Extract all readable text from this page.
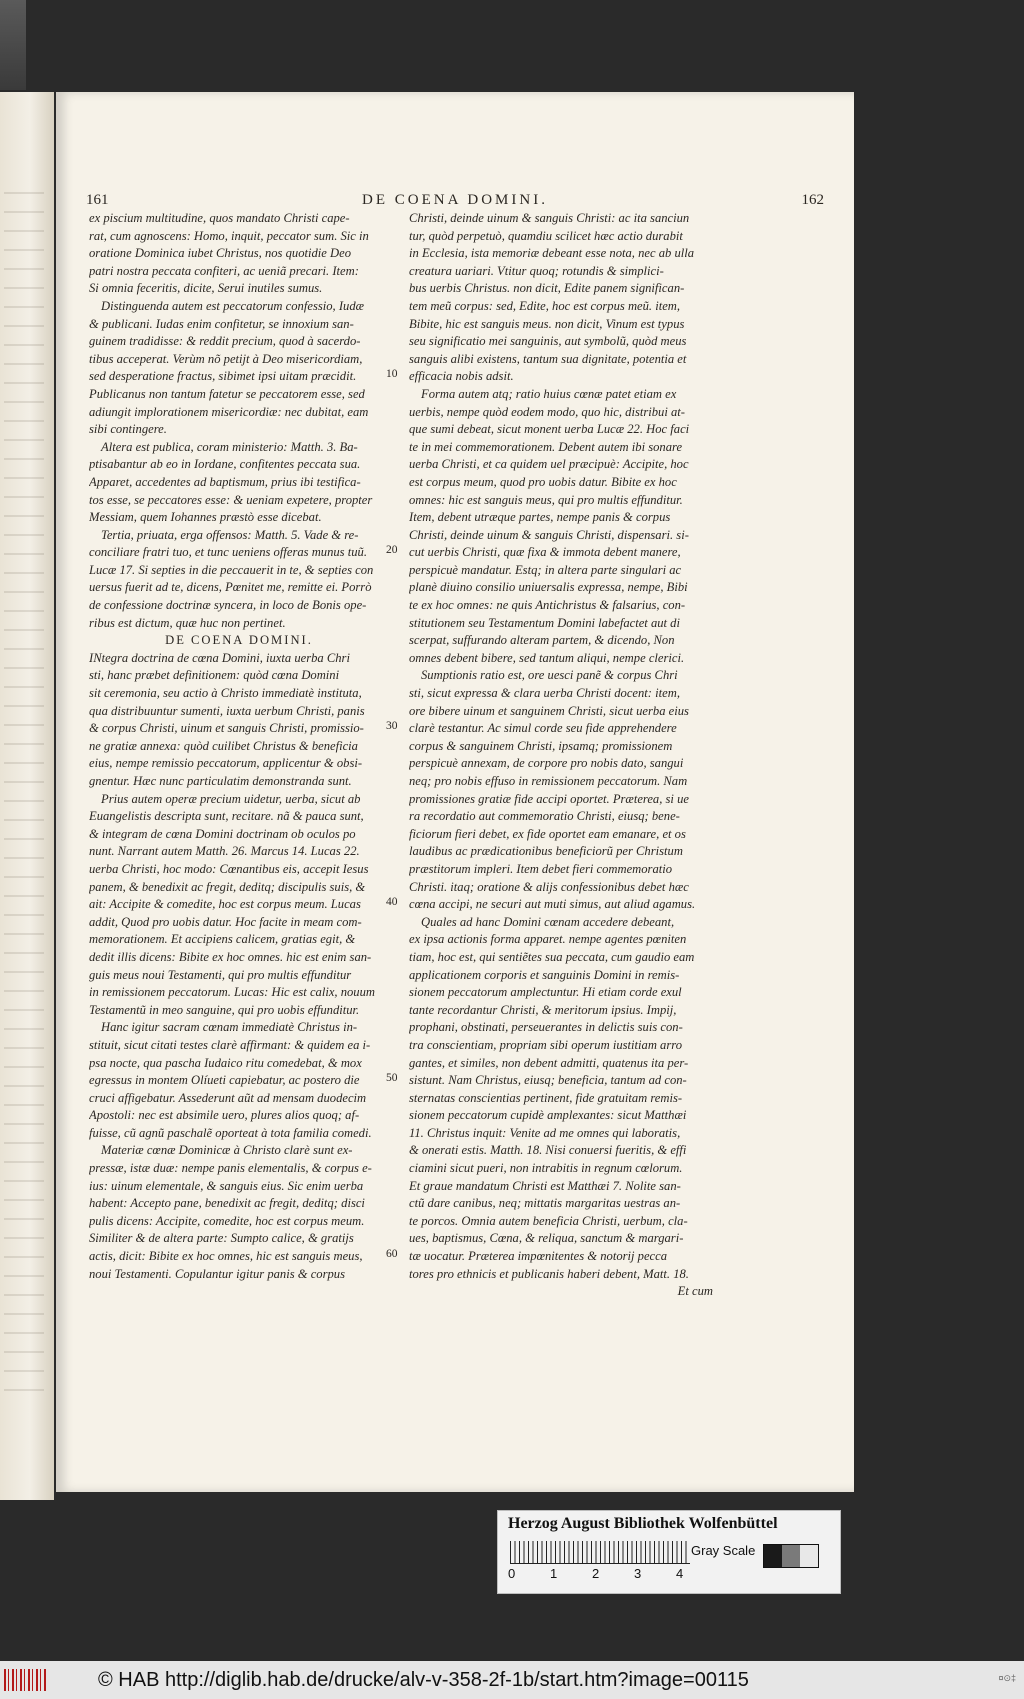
DE COENA DOMINI.
161	162
ex piscium multitudine, quos mandato Christi cape-
rat, cum agnoscens: Homo, inquit, peccator sum. Sic in
oratione Dominica iubet Christus, nos quotidie Deo
patri nostra peccata confiteri, ac ueniã precari. Item:
Si omnia feceritis, dicite, Serui inutiles sumus.
Distinguenda autem est peccatorum confessio, Iudæ
& publicani. Iudas enim confitetur, se innoxium san-
guinem tradidisse: & reddit precium, quod à sacerdo-
tibus acceperat. Verùm nõ petijt à Deo misericordiam,
sed desperatione fractus, sibimet ipsi uitam præcidit.
Publicanus non tantum fatetur se peccatorem esse, sed
adiungit implorationem misericordiæ: nec dubitat, eam
sibi contingere.
Altera est publica, coram ministerio: Matth. 3. Ba-
ptisabantur ab eo in Iordane, confitentes peccata sua.
Apparet, accedentes ad baptismum, prius ibi testifica-
tos esse, se peccatores esse: & ueniam expetere, propter
Messiam, quem Iohannes præstò esse dicebat.
Tertia, priuata, erga offensos: Matth. 5. Vade & re-
conciliare fratri tuo, et tunc ueniens offeras munus tuũ.
Lucæ 17. Si septies in die peccauerit in te, & septies con
uersus fuerit ad te, dicens, Pœnitet me, remitte ei. Porrò
de confessione doctrinæ syncera, in loco de Bonis ope-
ribus est dictum, quæ huc non pertinet.
DE COENA DOMINI.
INtegra doctrina de cœna Domini, iuxta uerba Chri
sti, hanc præbet definitionem: quòd cœna Domini
sit ceremonia, seu actio à Christo immediatè instituta,
qua distribuuntur sumenti, iuxta uerbum Christi, panis
& corpus Christi, uinum et sanguis Christi, promissio-
ne gratiæ annexa: quòd cuilibet Christus & beneficia
eius, nempe remissio peccatorum, applicentur & obsi-
gnentur. Hæc nunc particulatim demonstranda sunt.
Prius autem operæ precium uidetur, uerba, sicut ab
Euangelistis descripta sunt, recitare. nã & pauca sunt,
& integram de cœna Domini doctrinam ob oculos po
nunt. Narrant autem Matth. 26. Marcus 14. Lucas 22.
uerba Christi, hoc modo: Cœnantibus eis, accepit Iesus
panem, & benedixit ac fregit, deditq; discipulis suis, &
ait: Accipite & comedite, hoc est corpus meum. Lucas
addit, Quod pro uobis datur. Hoc facite in meam com-
memorationem. Et accipiens calicem, gratias egit, &
dedit illis dicens: Bibite ex hoc omnes. hic est enim san-
guis meus noui Testamenti, qui pro multis effunditur
in remissionem peccatorum. Lucas: Hic est calix, nouum
Testamentũ in meo sanguine, qui pro uobis effunditur.
Hanc igitur sacram cœnam immediatè Christus in-
stituit, sicut citati testes clarè affirmant: & quidem ea i-
psa nocte, qua pascha Iudaico ritu comedebat, & mox
egressus in montem Olíueti capiebatur, ac postero die
cruci affigebatur. Assederunt aũt ad mensam duodecim
Apostoli: nec est absimile uero, plures alios quoq; af-
fuisse, cũ agnũ paschalẽ oporteat à tota familia comedi.
Materiæ cœnæ Dominicæ à Christo clarè sunt ex-
pressæ, istæ duæ: nempe panis elementalis, & corpus e-
ius: uinum elementale, & sanguis eius. Sic enim uerba
habent: Accepto pane, benedixit ac fregit, deditq; disci
pulis dicens: Accipite, comedite, hoc est corpus meum.
Similiter & de altera parte: Sumpto calice, & gratijs
actis, dicit: Bibite ex hoc omnes, hic est sanguis meus,
noui Testamenti. Copulantur igitur panis & corpus
10
20
30
40
50
60
Christi, deinde uinum & sanguis Christi: ac ita sanciun
tur, quòd perpetuò, quamdiu scilicet hæc actio durabit
in Ecclesia, ista memoriæ debeant esse nota, nec ab ulla
creatura uariari. Vtitur quoq; rotundis & simplici-
bus uerbis Christus. non dicit, Edite panem significan-
tem meũ corpus: sed, Edite, hoc est corpus meũ. item,
Bibite, hic est sanguis meus. non dicit, Vinum est typus
seu significatio mei sanguinis, aut symbolũ, quòd meus
sanguis alibi existens, tantum sua dignitate, potentia et
efficacia nobis adsit.
Forma autem atq; ratio huius cœnæ patet etiam ex
uerbis, nempe quòd eodem modo, quo hic, distribui at-
que sumi debeat, sicut monent uerba Lucæ 22. Hoc faci
te in mei commemorationem. Debent autem ibi sonare
uerba Christi, et ca quidem uel præcipuè: Accipite, hoc
est corpus meum, quod pro uobis datur. Bibite ex hoc
omnes: hic est sanguis meus, qui pro multis effunditur.
Item, debent utræque partes, nempe panis & corpus
Christi, deinde uinum & sanguis Christi, dispensari. si-
cut uerbis Christi, quæ fixa & immota debent manere,
perspicuè mandatur. Estq; in altera parte singulari ac
planè diuino consilio uniuersalis expressa, nempe, Bibi
te ex hoc omnes: ne quis Antichristus & falsarius, con-
stitutionem seu Testamentum Domini labefactet aut di
scerpat, suffurando alteram partem, & dicendo, Non
omnes debent bibere, sed tantum aliqui, nempe clerici.
Sumptionis ratio est, ore uesci panẽ & corpus Chri
sti, sicut expressa & clara uerba Christi docent: item,
ore bibere uinum et sanguinem Christi, sicut uerba eius
clarè testantur. Ac simul corde seu fide apprehendere
corpus & sanguinem Christi, ipsamq; promissionem
perspicuè annexam, de corpore pro nobis dato, sangui
neq; pro nobis effuso in remissionem peccatorum. Nam
promissiones gratiæ fide accipi oportet. Præterea, si ue
ra recordatio aut commemoratio Christi, eiusq; bene-
ficiorum fieri debet, ex fide oportet eam emanare, et os
laudibus ac prædicationibus beneficiorũ per Christum
præstitorum impleri. Item debet fieri commemoratio
Christi. itaq; oratione & alijs confessionibus debet hæc
cœna accipi, ne securi aut muti simus, aut aliud agamus.
Quales ad hanc Domini cœnam accedere debeant,
ex ipsa actionis forma apparet. nempe agentes pœniten
tiam, hoc est, qui sentiẽtes sua peccata, cum gaudio eam
applicationem corporis et sanguinis Domini in remis-
sionem peccatorum amplectuntur. Hi etiam corde exul
tante recordantur Christi, & meritorum ipsius. Impij,
prophani, obstinati, perseuerantes in delictis suis con-
tra conscientiam, propriam sibi operum iustitiam arro
gantes, et similes, non debent admitti, quatenus ita per-
sistunt. Nam Christus, eiusq; beneficia, tantum ad con-
sternatas conscientias pertinent, fide gratuitam remis-
sionem peccatorum cupidè amplexantes: sicut Matthæi
11. Christus inquit: Venite ad me omnes qui laboratis,
& onerati estis. Matth. 18. Nisi conuersi fueritis, & effi
ciamini sicut pueri, non intrabitis in regnum cœlorum.
Et graue mandatum Christi est Matthæi 7. Nolite san-
ctũ dare canibus, neq; mittatis margaritas uestras an-
te porcos. Omnia autem beneficia Christi, uerbum, cla-
ues, baptismus, Cœna, & reliqua, sanctum & margari-
tæ uocatur. Præterea impœnitentes & notorij pecca
tores pro ethnicis et publicanis haberi debent, Matt. 18.
Et cum
Herzog August Bibliothek Wolfenbüttel
0	1	2	3	4
Gray Scale
© HAB http://diglib.hab.de/drucke/alv-v-358-2f-1b/start.htm?image=00115	¤⊙‡
